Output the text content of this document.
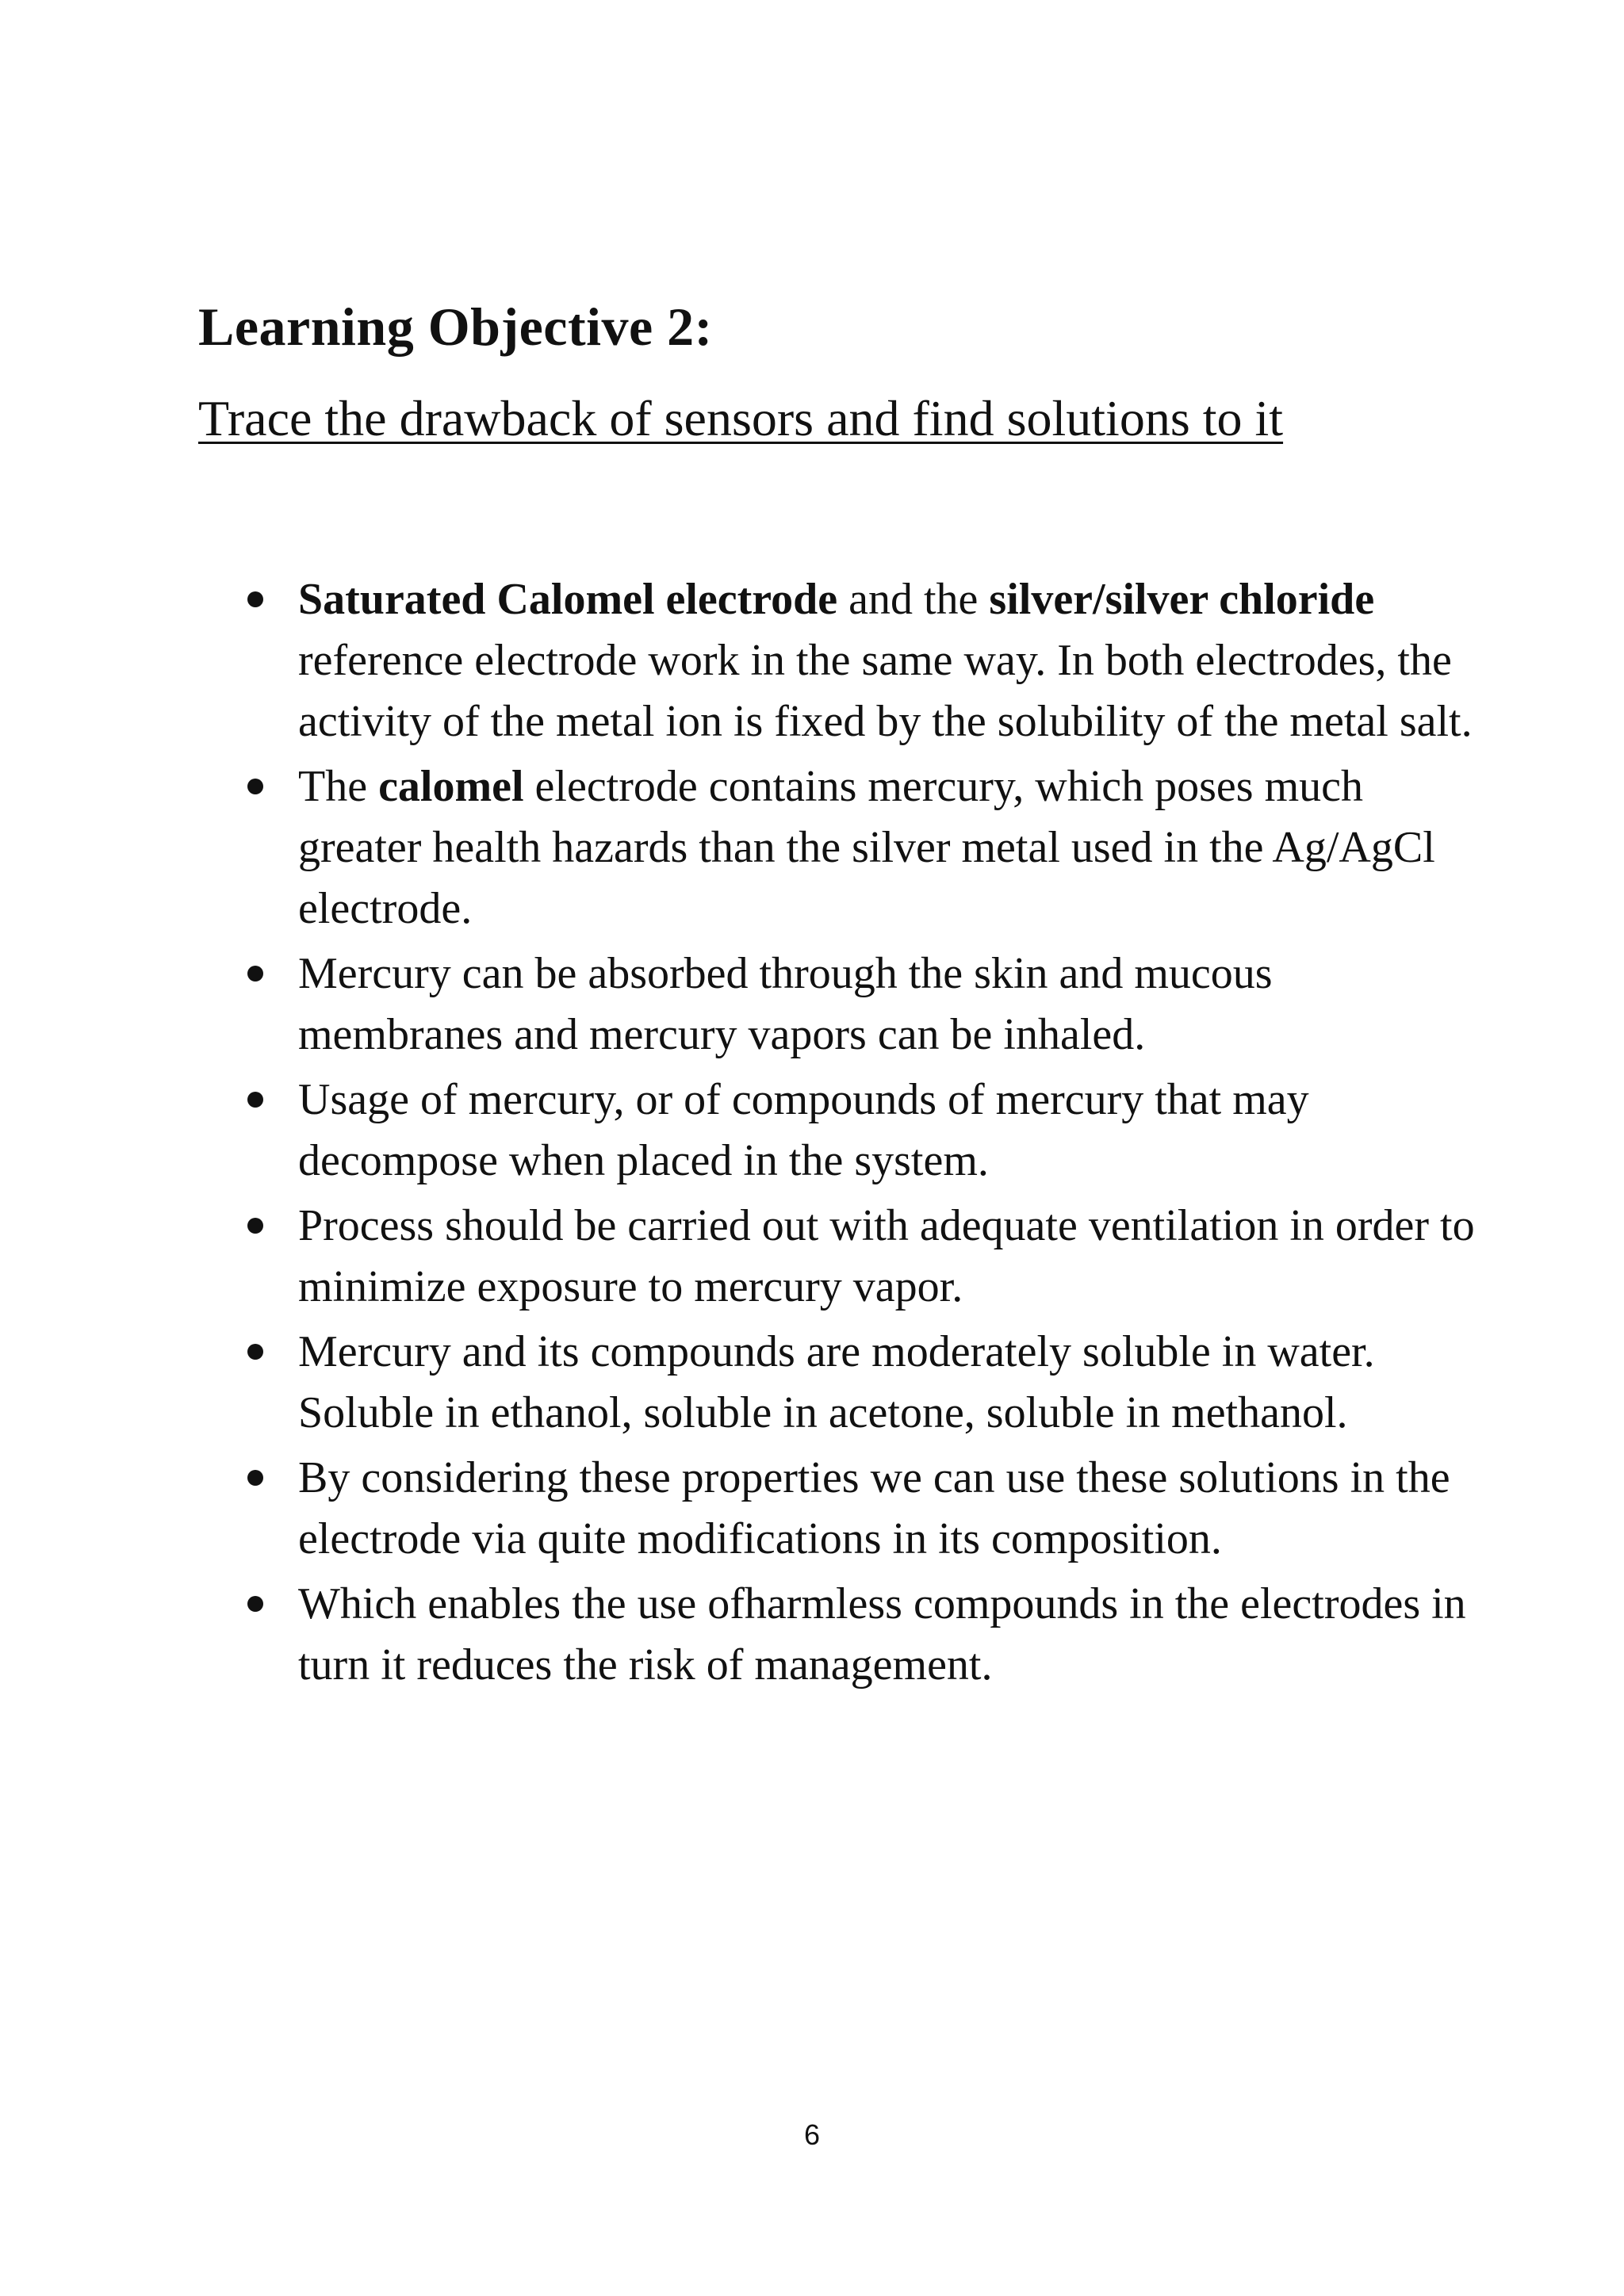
Learning Objective 2:
Trace the drawback of sensors and find solutions to it
Saturated Calomel electrode and the silver/silver chloride reference electrode work in the same way. In both electrodes, the activity of the metal ion is fixed by the solubility of the metal salt.
The calomel electrode contains mercury, which poses much greater health hazards than the silver metal used in the Ag/AgCl electrode.
Mercury can be absorbed through the skin and mucous membranes and mercury vapors can be inhaled.
Usage of mercury, or of compounds of mercury that may decompose when placed in the system.
Process should be carried out with adequate ventilation in order to minimize exposure to mercury vapor.
Mercury and its compounds are moderately soluble in water. Soluble in ethanol, soluble in acetone, soluble in methanol.
By considering these properties we can use these solutions in the electrode via quite modifications in its composition.
Which enables the use ofharmless compounds in the electrodes in turn it reduces the risk of management.
6
